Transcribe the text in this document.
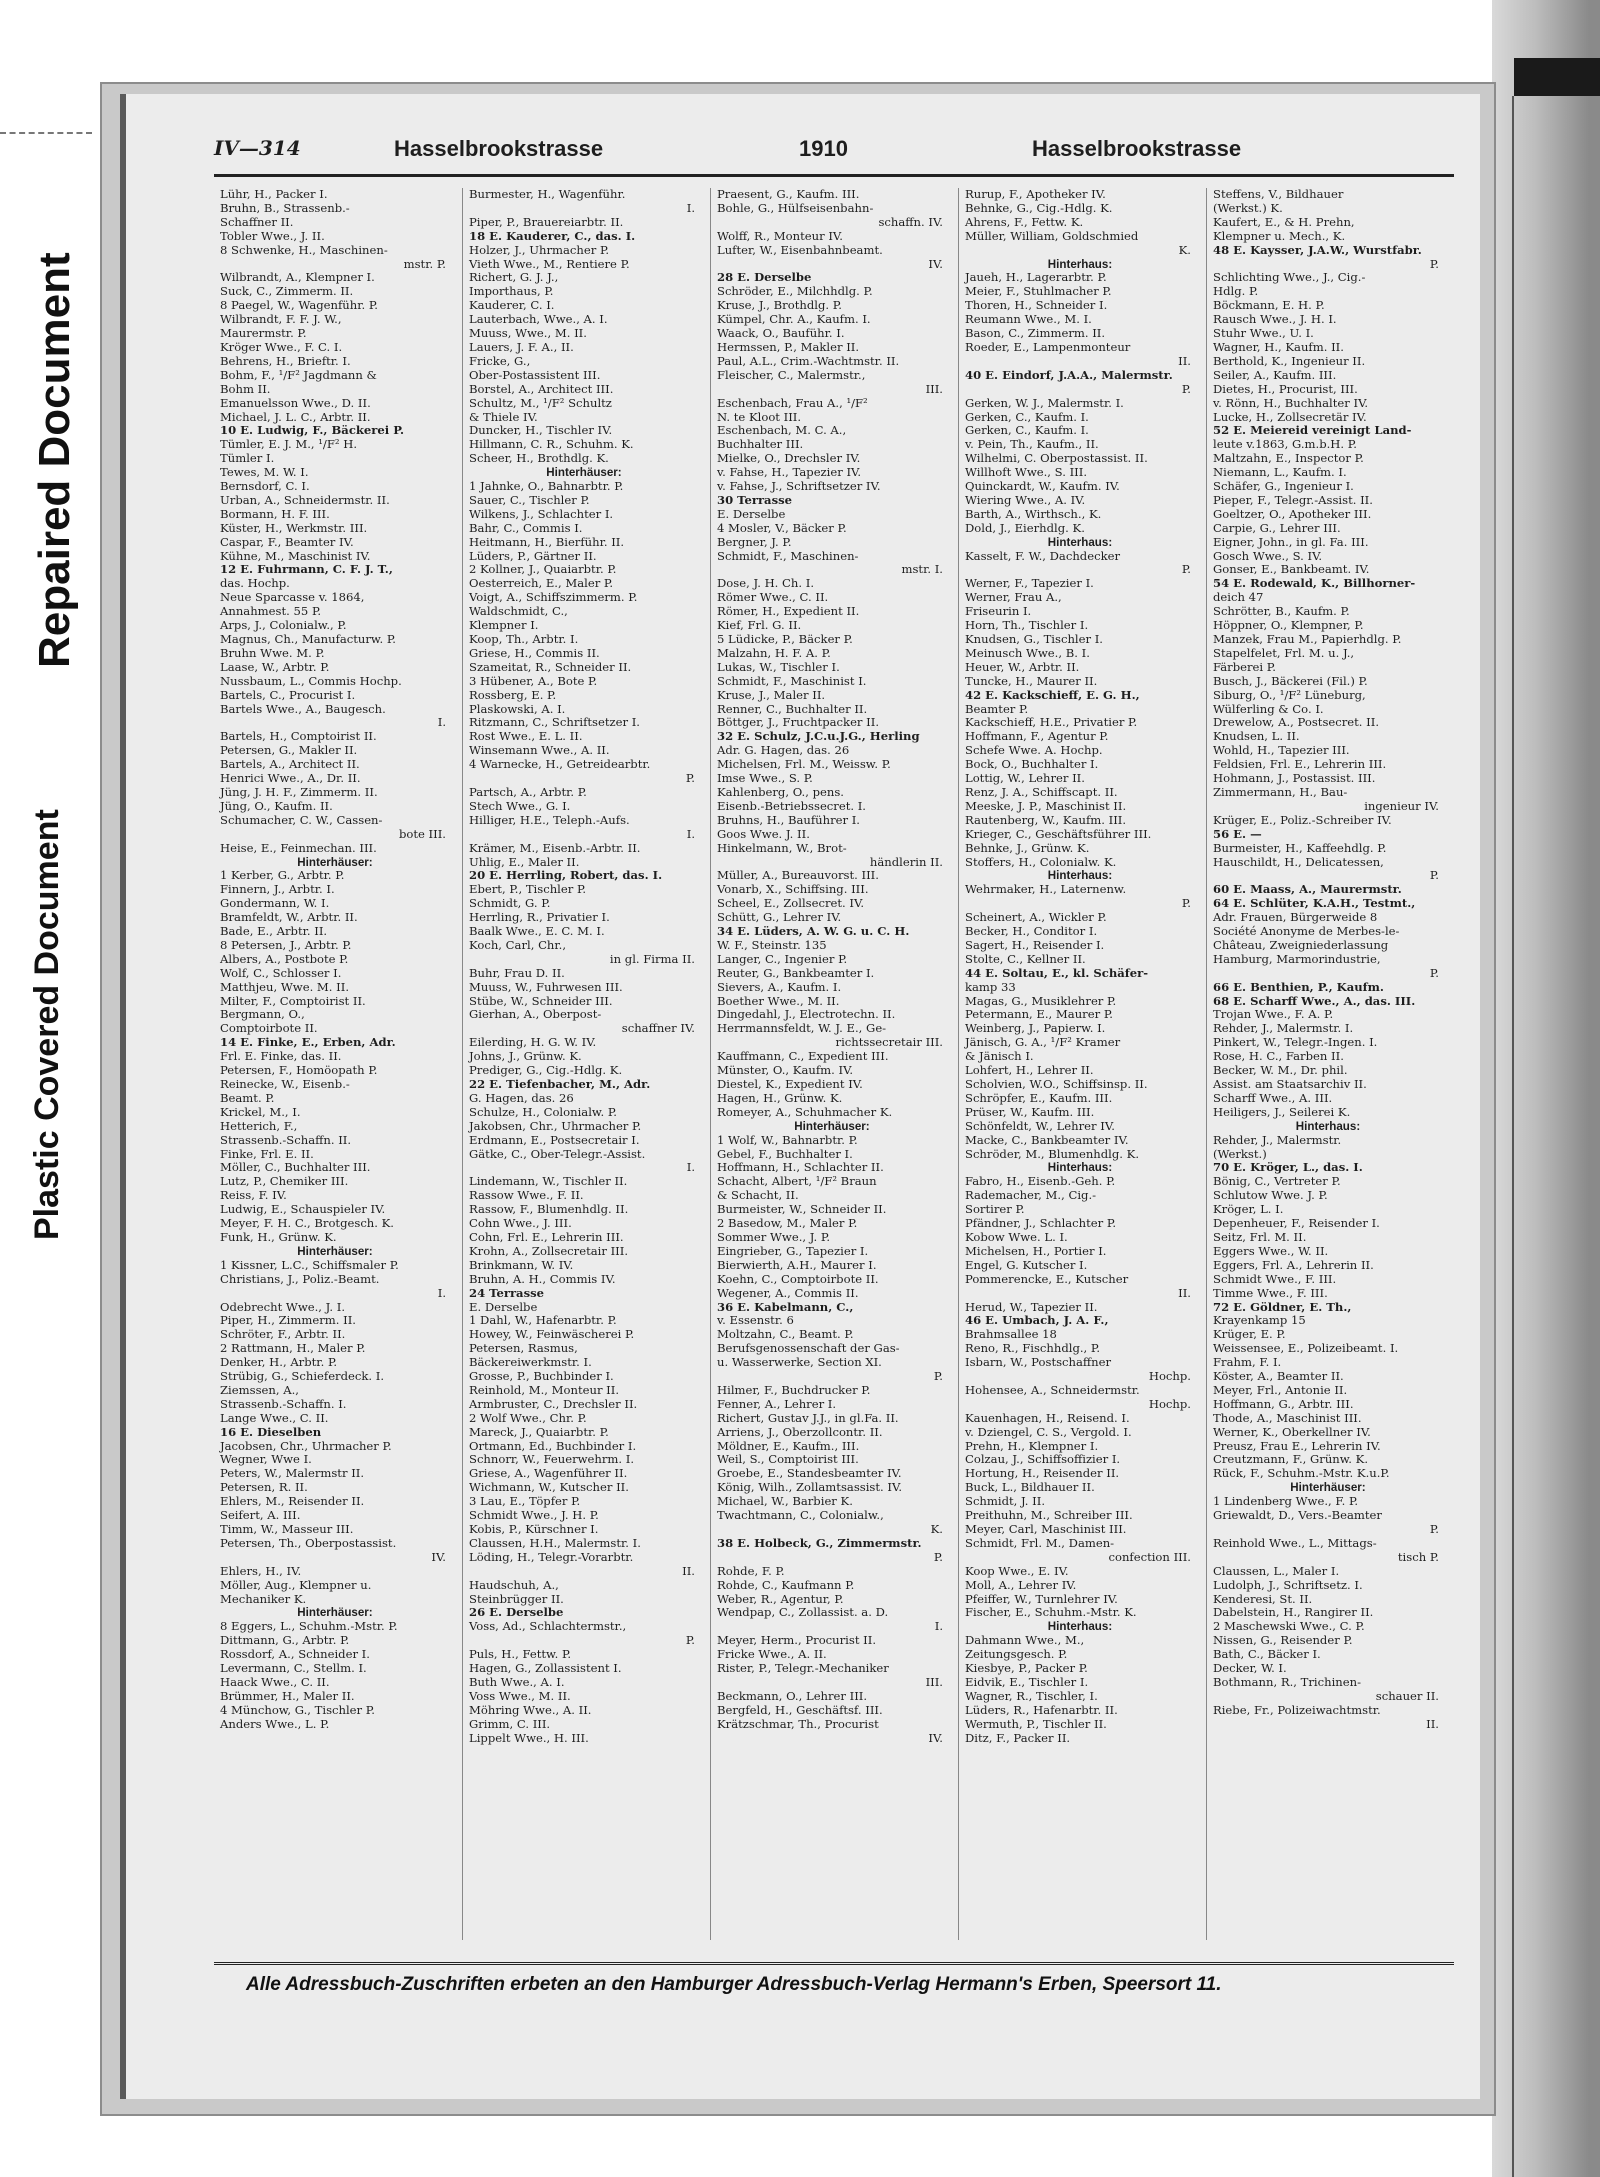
Repaired Document
Plastic Covered Document
IV—314	Hasselbrookstrasse	1910	Hasselbrookstrasse
Lühr, H., Packer I.
Bruhn, B., Strassenb.-
Schaffner II.
Tobler Wwe., J. II.
8 Schwenke, H., Maschinen-
mstr. P.
Wilbrandt, A., Klempner I.
Suck, C., Zimmerm. II.
8 Paegel, W., Wagenführ. P.
Wilbrandt, F. F. J. W.,
Maurermstr. P.
Kröger Wwe., F. C. I.
Behrens, H., Brieftr. I.
Bohm, F., ¹/F² Jagdmann &
Bohm II.
Emanuelsson Wwe., D. II.
Michael, J. L. C., Arbtr. II.
10 E. Ludwig, F., Bäckerei P.
Tümler, E. J. M., ¹/F² H.
Tümler I.
Tewes, M. W. I.
Bernsdorf, C. I.
Urban, A., Schneidermstr. II.
Bormann, H. F. III.
Küster, H., Werkmstr. III.
Caspar, F., Beamter IV.
Kühne, M., Maschinist IV.
12 E. Fuhrmann, C. F. J. T.,
das. Hochp.
Neue Sparcasse v. 1864,
Annahmest. 55 P.
Arps, J., Colonialw., P.
Magnus, Ch., Manufacturw. P.
Bruhn Wwe. M. P.
Laase, W., Arbtr. P.
Nussbaum, L., Commis Hochp.
Bartels, C., Procurist I.
Bartels Wwe., A., Baugesch.
I.
Bartels, H., Comptoirist II.
Petersen, G., Makler II.
Bartels, A., Architect II.
Henrici Wwe., A., Dr. II.
Jüng, J. H. F., Zimmerm. II.
Jüng, O., Kaufm. II.
Schumacher, C. W., Cassen-
bote III.
Heise, E., Feinmechan. III.
Hinterhäuser:
1 Kerber, G., Arbtr. P.
Finnern, J., Arbtr. I.
Gondermann, W. I.
Bramfeldt, W., Arbtr. II.
Bade, E., Arbtr. II.
8 Petersen, J., Arbtr. P.
Albers, A., Postbote P.
Wolf, C., Schlosser I.
Matthjeu, Wwe. M. II.
Milter, F., Comptoirist II.
Bergmann, O.,
Comptoirbote II.
14 E. Finke, E., Erben, Adr.
Frl. E. Finke, das. II.
Petersen, F., Homöopath P.
Reinecke, W., Eisenb.-
Beamt. P.
Krickel, M., I.
Hetterich, F.,
Strassenb.-Schaffn. II.
Finke, Frl. E. II.
Möller, C., Buchhalter III.
Lutz, P., Chemiker III.
Reiss, F. IV.
Ludwig, E., Schauspieler IV.
Meyer, F. H. C., Brotgesch. K.
Funk, H., Grünw. K.
Hinterhäuser:
1 Kissner, L.C., Schiffsmaler P.
Christians, J., Poliz.-Beamt.
I.
Odebrecht Wwe., J. I.
Piper, H., Zimmerm. II.
Schröter, F., Arbtr. II.
2 Rattmann, H., Maler P.
Denker, H., Arbtr. P.
Strübig, G., Schieferdeck. I.
Ziemssen, A.,
Strassenb.-Schaffn. I.
Lange Wwe., C. II.
16 E. Dieselben
Jacobsen, Chr., Uhrmacher P.
Wegner, Wwe I.
Peters, W., Malermstr II.
Petersen, R. II.
Ehlers, M., Reisender II.
Seifert, A. III.
Timm, W., Masseur III.
Petersen, Th., Oberpostassist.
IV.
Ehlers, H., IV.
Möller, Aug., Klempner u.
Mechaniker K.
Hinterhäuser:
8 Eggers, L., Schuhm.-Mstr. P.
Dittmann, G., Arbtr. P.
Rossdorf, A., Schneider I.
Levermann, C., Stellm. I.
Haack Wwe., C. II.
Brümmer, H., Maler II.
4 Münchow, G., Tischler P.
Anders Wwe., L. P.
Burmester, H., Wagenführ.
I.
Piper, P., Brauereiarbtr. II.
18 E. Kauderer, C., das. I.
Holzer, J., Uhrmacher P.
Vieth Wwe., M., Rentiere P.
Richert, G. J. J.,
Importhaus, P.
Kauderer, C. I.
Lauterbach, Wwe., A. I.
Muuss, Wwe., M. II.
Lauers, J. F. A., II.
Fricke, G.,
Ober-Postassistent III.
Borstel, A., Architect III.
Schultz, M., ¹/F² Schultz
& Thiele IV.
Duncker, H., Tischler IV.
Hillmann, C. R., Schuhm. K.
Scheer, H., Brothdlg. K.
Hinterhäuser:
1 Jahnke, O., Bahnarbtr. P.
Sauer, C., Tischler P.
Wilkens, J., Schlachter I.
Bahr, C., Commis I.
Heitmann, H., Bierführ. II.
Lüders, P., Gärtner II.
2 Kollner, J., Quaiarbtr. P.
Oesterreich, E., Maler P.
Voigt, A., Schiffszimmerm. P.
Waldschmidt, C.,
Klempner I.
Koop, Th., Arbtr. I.
Griese, H., Commis II.
Szameitat, R., Schneider II.
3 Hübener, A., Bote P.
Rossberg, E. P.
Plaskowski, A. I.
Ritzmann, C., Schriftsetzer I.
Rost Wwe., E. L. II.
Winsemann Wwe., A. II.
4 Warnecke, H., Getreidearbtr.
P.
Partsch, A., Arbtr. P.
Stech Wwe., G. I.
Hilliger, H.E., Teleph.-Aufs.
I.
Krämer, M., Eisenb.-Arbtr. II.
Uhlig, E., Maler II.
20 E. Herrling, Robert, das. I.
Ebert, P., Tischler P.
Schmidt, G. P.
Herrling, R., Privatier I.
Baalk Wwe., E. C. M. I.
Koch, Carl, Chr.,
in gl. Firma II.
Buhr, Frau D. II.
Muuss, W., Fuhrwesen III.
Stübe, W., Schneider III.
Gierhan, A., Oberpost-
schaffner IV.
Eilerding, H. G. W. IV.
Johns, J., Grünw. K.
Prediger, G., Cig.-Hdlg. K.
22 E. Tiefenbacher, M., Adr.
G. Hagen, das. 26
Schulze, H., Colonialw. P.
Jakobsen, Chr., Uhrmacher P.
Erdmann, E., Postsecretair I.
Gätke, C., Ober-Telegr.-Assist.
I.
Lindemann, W., Tischler II.
Rassow Wwe., F. II.
Rassow, F., Blumenhdlg. II.
Cohn Wwe., J. III.
Cohn, Frl. E., Lehrerin III.
Krohn, A., Zollsecretair III.
Brinkmann, W. IV.
Bruhn, A. H., Commis IV.
24 Terrasse
E. Derselbe
1 Dahl, W., Hafenarbtr. P.
Howey, W., Feinwäscherei P.
Petersen, Rasmus,
Bäckereiwerkmstr. I.
Grosse, P., Buchbinder I.
Reinhold, M., Monteur II.
Armbruster, C., Drechsler II.
2 Wolf Wwe., Chr. P.
Mareck, J., Quaiarbtr. P.
Ortmann, Ed., Buchbinder I.
Schnorr, W., Feuerwehrm. I.
Griese, A., Wagenführer II.
Wichmann, W., Kutscher II.
3 Lau, E., Töpfer P.
Schmidt Wwe., J. H. P.
Kobis, P., Kürschner I.
Claussen, H.H., Malermstr. I.
Löding, H., Telegr.-Vorarbtr.
II.
Haudschuh, A.,
Steinbrügger II.
26 E. Derselbe
Voss, Ad., Schlachtermstr.,
P.
Puls, H., Fettw. P.
Hagen, G., Zollassistent I.
Buth Wwe., A. I.
Voss Wwe., M. II.
Möhring Wwe., A. II.
Grimm, C. III.
Lippelt Wwe., H. III.
Praesent, G., Kaufm. III.
Bohle, G., Hülfseisenbahn-
schaffn. IV.
Wolff, R., Monteur IV.
Lufter, W., Eisenbahnbeamt.
IV.
28 E. Derselbe
Schröder, E., Milchhdlg. P.
Kruse, J., Brothdlg. P.
Kümpel, Chr. A., Kaufm. I.
Waack, O., Bauführ. I.
Hermssen, P., Makler II.
Paul, A.L., Crim.-Wachtmstr. II.
Fleischer, C., Malermstr.,
III.
Eschenbach, Frau A., ¹/F²
N. te Kloot III.
Eschenbach, M. C. A.,
Buchhalter III.
Mielke, O., Drechsler IV.
v. Fahse, H., Tapezier IV.
v. Fahse, J., Schriftsetzer IV.
30 Terrasse
E. Derselbe
4 Mosler, V., Bäcker P.
Bergner, J. P.
Schmidt, F., Maschinen-
mstr. I.
Dose, J. H. Ch. I.
Römer Wwe., C. II.
Römer, H., Expedient II.
Kief, Frl. G. II.
5 Lüdicke, P., Bäcker P.
Malzahn, H. F. A. P.
Lukas, W., Tischler I.
Schmidt, F., Maschinist I.
Kruse, J., Maler II.
Renner, C., Buchhalter II.
Böttger, J., Fruchtpacker II.
32 E. Schulz, J.C.u.J.G., Herling
Adr. G. Hagen, das. 26
Michelsen, Frl. M., Weissw. P.
Imse Wwe., S. P.
Kahlenberg, O., pens.
Eisenb.-Betriebssecret. I.
Bruhns, H., Bauführer I.
Goos Wwe. J. II.
Hinkelmann, W., Brot-
händlerin II.
Müller, A., Bureauvorst. III.
Vonarb, X., Schiffsing. III.
Scheel, E., Zollsecret. IV.
Schütt, G., Lehrer IV.
34 E. Lüders, A. W. G. u. C. H.
W. F., Steinstr. 135
Langer, C., Ingenier P.
Reuter, G., Bankbeamter I.
Sievers, A., Kaufm. I.
Boether Wwe., M. II.
Dingedahl, J., Electrotechn. II.
Herrmannsfeldt, W. J. E., Ge-
richtssecretair III.
Kauffmann, C., Expedient III.
Münster, O., Kaufm. IV.
Diestel, K., Expedient IV.
Hagen, H., Grünw. K.
Romeyer, A., Schuhmacher K.
Hinterhäuser:
1 Wolf, W., Bahnarbtr. P.
Gebel, F., Buchhalter I.
Hoffmann, H., Schlachter II.
Schacht, Albert, ¹/F² Braun
& Schacht, II.
Burmeister, W., Schneider II.
2 Basedow, M., Maler P.
Sommer Wwe., J. P.
Eingrieber, G., Tapezier I.
Bierwierth, A.H., Maurer I.
Koehn, C., Comptoirbote II.
Wegener, A., Commis II.
36 E. Kabelmann, C.,
v. Essenstr. 6
Moltzahn, C., Beamt. P.
Berufsgenossenschaft der Gas-
u. Wasserwerke, Section XI.
P.
Hilmer, F., Buchdrucker P.
Fenner, A., Lehrer I.
Richert, Gustav J.J., in gl.Fa. II.
Arriens, J., Oberzollcontr. II.
Möldner, E., Kaufm., III.
Weil, S., Comptoirist III.
Groebe, E., Standesbeamter IV.
König, Wilh., Zollamtsassist. IV.
Michael, W., Barbier K.
Twachtmann, C., Colonialw.,
K.
38 E. Holbeck, G., Zimmermstr.
P.
Rohde, F. P.
Rohde, C., Kaufmann P.
Weber, R., Agentur, P.
Wendpap, C., Zollassist. a. D.
I.
Meyer, Herm., Procurist II.
Fricke Wwe., A. II.
Rister, P., Telegr.-Mechaniker
III.
Beckmann, O., Lehrer III.
Bergfeld, H., Geschäftsf. III.
Krätzschmar, Th., Procurist
IV.
Rurup, F., Apotheker IV.
Behnke, G., Cig.-Hdlg. K.
Ahrens, F., Fettw. K.
Müller, William, Goldschmied
K.
Hinterhaus:
Jaueh, H., Lagerarbtr. P.
Meier, F., Stuhlmacher P.
Thoren, H., Schneider I.
Reumann Wwe., M. I.
Bason, C., Zimmerm. II.
Roeder, E., Lampenmonteur
II.
40 E. Eindorf, J.A.A., Malermstr.
P.
Gerken, W. J., Malermstr. I.
Gerken, C., Kaufm. I.
Gerken, C., Kaufm. I.
v. Pein, Th., Kaufm., II.
Wilhelmi, C. Oberpostassist. II.
Willhoft Wwe., S. III.
Quinckardt, W., Kaufm. IV.
Wiering Wwe., A. IV.
Barth, A., Wirthsch., K.
Dold, J., Eierhdlg. K.
Hinterhaus:
Kasselt, F. W., Dachdecker
P.
Werner, F., Tapezier I.
Werner, Frau A.,
Friseurin I.
Horn, Th., Tischler I.
Knudsen, G., Tischler I.
Meinusch Wwe., B. I.
Heuer, W., Arbtr. II.
Tuncke, H., Maurer II.
42 E. Kackschieff, E. G. H.,
Beamter P.
Kackschieff, H.E., Privatier P.
Hoffmann, F., Agentur P.
Schefe Wwe. A. Hochp.
Bock, O., Buchhalter I.
Lottig, W., Lehrer II.
Renz, J. A., Schiffscapt. II.
Meeske, J. P., Maschinist II.
Rautenberg, W., Kaufm. III.
Krieger, C., Geschäftsführer III.
Behnke, J., Grünw. K.
Stoffers, H., Colonialw. K.
Hinterhaus:
Wehrmaker, H., Laternenw.
P.
Scheinert, A., Wickler P.
Becker, H., Conditor I.
Sagert, H., Reisender I.
Stolte, C., Kellner II.
44 E. Soltau, E., kl. Schäfer-
kamp 33
Magas, G., Musiklehrer P.
Petermann, E., Maurer P.
Weinberg, J., Papierw. I.
Jänisch, G. A., ¹/F² Kramer
& Jänisch I.
Lohfert, H., Lehrer II.
Scholvien, W.O., Schiffsinsp. II.
Schröpfer, E., Kaufm. III.
Prüser, W., Kaufm. III.
Schönfeldt, W., Lehrer IV.
Macke, C., Bankbeamter IV.
Schröder, M., Blumenhdlg. K.
Hinterhaus:
Fabro, H., Eisenb.-Geh. P.
Rademacher, M., Cig.-
Sortirer P.
Pfändner, J., Schlachter P.
Kobow Wwe. L. I.
Michelsen, H., Portier I.
Engel, G. Kutscher I.
Pommerencke, E., Kutscher
II.
Herud, W., Tapezier II.
46 E. Umbach, J. A. F.,
Brahmsallee 18
Reno, R., Fischhdlg., P.
Isbarn, W., Postschaffner
Hochp.
Hohensee, A., Schneidermstr.
Hochp.
Kauenhagen, H., Reisend. I.
v. Dziengel, C. S., Vergold. I.
Prehn, H., Klempner I.
Colzau, J., Schiffsoffizier I.
Hortung, H., Reisender II.
Buck, L., Bildhauer II.
Schmidt, J. II.
Preithuhn, M., Schreiber III.
Meyer, Carl, Maschinist III.
Schmidt, Frl. M., Damen-
confection III.
Koop Wwe., E. IV.
Moll, A., Lehrer IV.
Pfeiffer, W., Turnlehrer IV.
Fischer, E., Schuhm.-Mstr. K.
Hinterhaus:
Dahmann Wwe., M.,
Zeitungsgesch. P.
Kiesbye, P., Packer P.
Eidvik, E., Tischler I.
Wagner, R., Tischler, I.
Lüders, R., Hafenarbtr. II.
Wermuth, P., Tischler II.
Ditz, F., Packer II.
Steffens, V., Bildhauer
(Werkst.) K.
Kaufert, E., & H. Prehn,
Klempner u. Mech., K.
48 E. Kaysser, J.A.W., Wurstfabr.
P.
Schlichting Wwe., J., Cig.-
Hdlg. P.
Böckmann, E. H. P.
Rausch Wwe., J. H. I.
Stuhr Wwe., U. I.
Wagner, H., Kaufm. II.
Berthold, K., Ingenieur II.
Seiler, A., Kaufm. III.
Dietes, H., Procurist, III.
v. Rönn, H., Buchhalter IV.
Lucke, H., Zollsecretär IV.
52 E. Meiereid vereinigt Land-
leute v.1863, G.m.b.H. P.
Maltzahn, E., Inspector P.
Niemann, L., Kaufm. I.
Schäfer, G., Ingenieur I.
Pieper, F., Telegr.-Assist. II.
Goeltzer, O., Apotheker III.
Carpie, G., Lehrer III.
Eigner, John., in gl. Fa. III.
Gosch Wwe., S. IV.
Gonser, E., Bankbeamt. IV.
54 E. Rodewald, K., Billhorner-
deich 47
Schrötter, B., Kaufm. P.
Höppner, O., Klempner, P.
Manzek, Frau M., Papierhdlg. P.
Stapelfelet, Frl. M. u. J.,
Färberei P.
Busch, J., Bäckerei (Fil.) P.
Siburg, O., ¹/F² Lüneburg,
Wülferling & Co. I.
Drewelow, A., Postsecret. II.
Knudsen, L. II.
Wohld, H., Tapezier III.
Feldsien, Frl. E., Lehrerin III.
Hohmann, J., Postassist. III.
Zimmermann, H., Bau-
ingenieur IV.
Krüger, E., Poliz.-Schreiber IV.
56 E. —
Burmeister, H., Kaffeehdlg. P.
Hauschildt, H., Delicatessen,
P.
60 E. Maass, A., Maurermstr.
64 E. Schlüter, K.A.H., Testmt.,
Adr. Frauen, Bürgerweide 8
Société Anonyme de Merbes-le-
Château, Zweigniederlassung
Hamburg, Marmorindustrie,
P.
66 E. Benthien, P., Kaufm.
68 E. Scharff Wwe., A., das. III.
Trojan Wwe., F. A. P.
Rehder, J., Malermstr. I.
Pinkert, W., Telegr.-Ingen. I.
Rose, H. C., Farben II.
Becker, W. M., Dr. phil.
Assist. am Staatsarchiv II.
Scharff Wwe., A. III.
Heiligers, J., Seilerei K.
Hinterhaus:
Rehder, J., Malermstr.
(Werkst.)
70 E. Kröger, L., das. I.
Bönig, C., Vertreter P.
Schlutow Wwe. J. P.
Kröger, L. I.
Depenheuer, F., Reisender I.
Seitz, Frl. M. II.
Eggers Wwe., W. II.
Eggers, Frl. A., Lehrerin II.
Schmidt Wwe., F. III.
Timme Wwe., F. III.
72 E. Göldner, E. Th.,
Krayenkamp 15
Krüger, E. P.
Weissensee, E., Polizeibeamt. I.
Frahm, F. I.
Köster, A., Beamter II.
Meyer, Frl., Antonie II.
Hoffmann, G., Arbtr. III.
Thode, A., Maschinist III.
Werner, K., Oberkellner IV.
Preusz, Frau E., Lehrerin IV.
Creutzmann, F., Grünw. K.
Rück, F., Schuhm.-Mstr. K.u.P.
Hinterhäuser:
1 Lindenberg Wwe., F. P.
Griewaldt, D., Vers.-Beamter
P.
Reinhold Wwe., L., Mittags-
tisch P.
Claussen, L., Maler I.
Ludolph, J., Schriftsetz. I.
Kenderesi, St. II.
Dabelstein, H., Rangirer II.
2 Maschewski Wwe., C. P.
Nissen, G., Reisender P.
Bath, C., Bäcker I.
Decker, W. I.
Bothmann, R., Trichinen-
schauer II.
Riebe, Fr., Polizeiwachtmstr.
II.
Alle Adressbuch-Zuschriften erbeten an den Hamburger Adressbuch-Verlag Hermann's Erben, Speersort 11.
